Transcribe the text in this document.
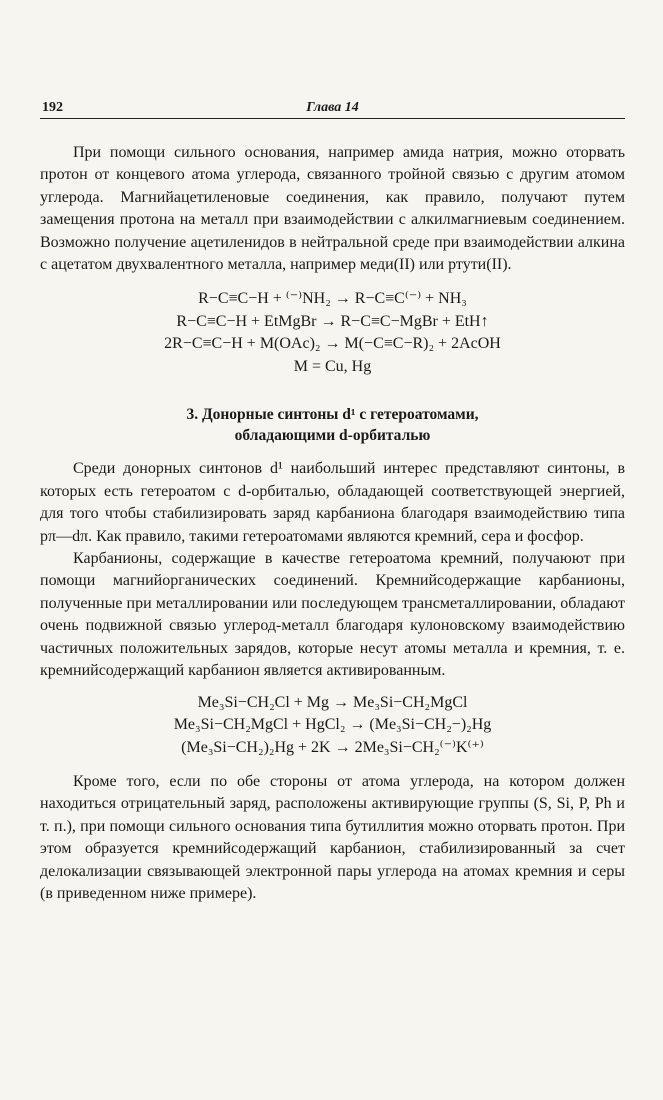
192	Глава 14

При помощи сильного основания, например амида натрия, можно оторвать протон от концевого атома углерода, связанного тройной связью с другим атомом углерода. Магнийацетиленовые соединения, как правило, получают путем замещения протона на металл при взаимодействии с алкилмагниевым соединением. Возможно получение ацетиленидов в нейтральной среде при взаимодействии алкина с ацетатом двухвалентного металла, например меди(II) или ртути(II).

R−C≡C−H + ⁽⁻⁾NH₂ → R−C≡C⁽⁻⁾ + NH₃
R−C≡C−H + EtMgBr → R−C≡C−MgBr + EtH↑
2R−C≡C−H + M(OAc)₂ → M(−C≡C−R)₂ + 2AcOH
M = Cu, Hg
3. Донорные синтоны d¹ с гетероатомами,
обладающими d-орбиталью

Среди донорных синтонов d¹ наибольший интерес представляют синтоны, в которых есть гетероатом с d-орбиталью, обладающей соответствующей энергией, для того чтобы стабилизировать заряд карбаниона благодаря взаимодействию типа pπ—dπ. Как правило, такими гетероатомами являются кремний, сера и фосфор.

Карбанионы, содержащие в качестве гетероатома кремний, получаюют при помощи магнийорганических соединений. Кремнийсодержащие карбанионы, полученные при металлировании или последующем трансметаллировании, обладают очень подвижной связью углерод-металл благодаря кулоновскому взаимодействию частичных положительных зарядов, которые несут атомы металла и кремния, т. е. кремнийсодержащий карбанион является активированным.

Me₃Si−CH₂Cl + Mg → Me₃Si−CH₂MgCl
Me₃Si−CH₂MgCl + HgCl₂ → (Me₃Si−CH₂−)₂Hg
(Me₃Si−CH₂)₂Hg + 2K → 2Me₃Si−CH₂⁽⁻⁾K⁽⁺⁾

Кроме того, если по обе стороны от атома углерода, на котором должен находиться отрицательный заряд, расположены активирующие группы (S, Si, P, Ph и т. п.), при помощи сильного основания типа бутиллития можно оторвать протон. При этом образуется кремнийсодержащий карбанион, стабилизированный за счет делокализации связывающей электронной пары углерода на атомах кремния и серы (в приведенном ниже примере).
